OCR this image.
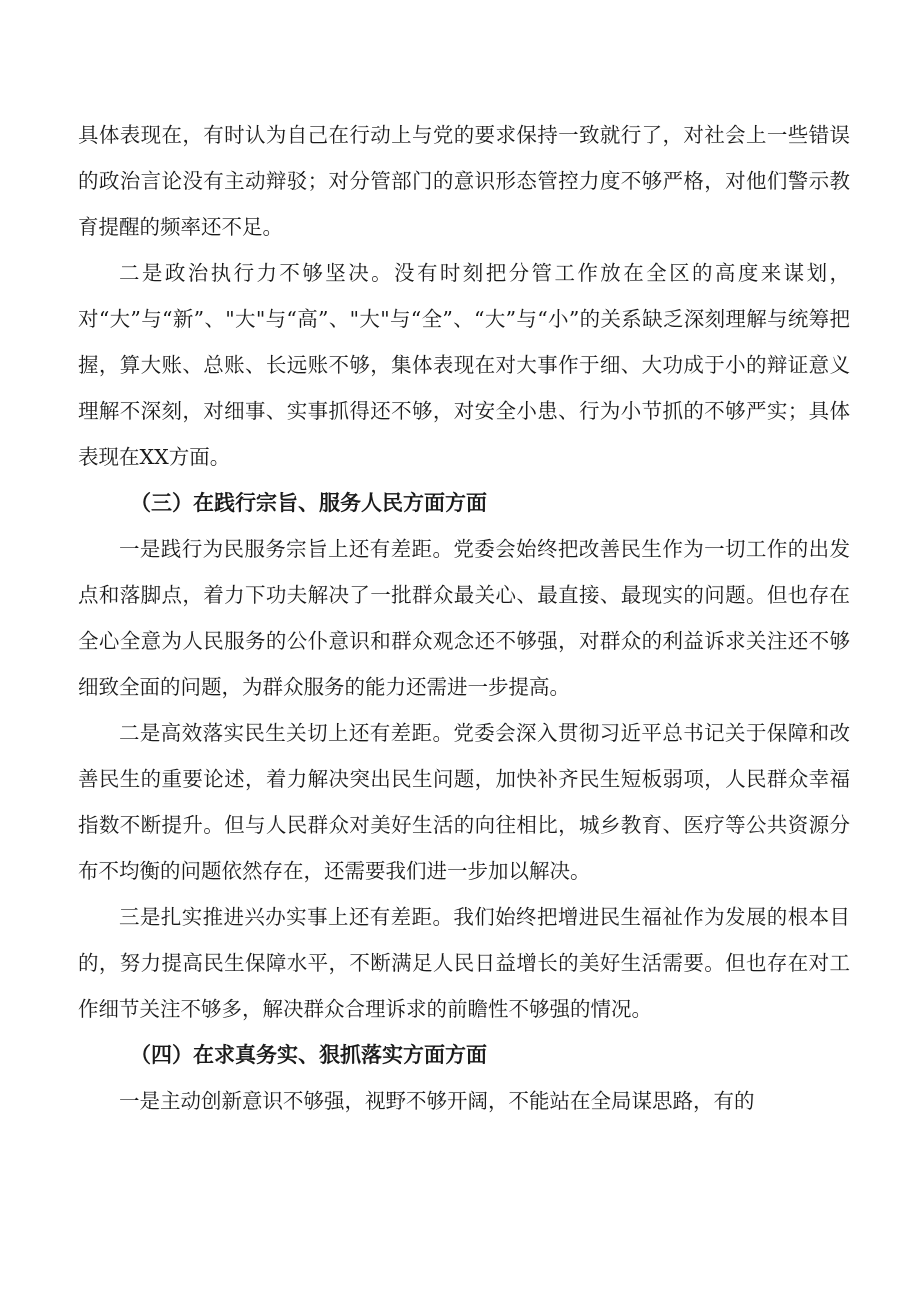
具体表现在，有时认为自己在行动上与党的要求保持一致就行了，对社会上一些错误的政治言论没有主动辩驳；对分管部门的意识形态管控力度不够严格，对他们警示教育提醒的频率还不足。

二是政治执行力不够坚决。没有时刻把分管工作放在全区的高度来谋划，对“大”与“新”、"大"与“高”、"大"与“全”、“大”与“小”的关系缺乏深刻理解与统筹把握，算大账、总账、长远账不够，集体表现在对大事作于细、大功成于小的辩证意义理解不深刻，对细事、实事抓得还不够，对安全小患、行为小节抓的不够严实；具体表现在XX方面。

（三）在践行宗旨、服务人民方面方面

一是践行为民服务宗旨上还有差距。党委会始终把改善民生作为一切工作的出发点和落脚点，着力下功夫解决了一批群众最关心、最直接、最现实的问题。但也存在全心全意为人民服务的公仆意识和群众观念还不够强，对群众的利益诉求关注还不够细致全面的问题，为群众服务的能力还需进一步提高。

二是高效落实民生关切上还有差距。党委会深入贯彻习近平总书记关于保障和改善民生的重要论述，着力解决突出民生问题，加快补齐民生短板弱项，人民群众幸福指数不断提升。但与人民群众对美好生活的向往相比，城乡教育、医疗等公共资源分布不均衡的问题依然存在，还需要我们进一步加以解决。

三是扎实推进兴办实事上还有差距。我们始终把增进民生福祉作为发展的根本目的，努力提高民生保障水平，不断满足人民日益增长的美好生活需要。但也存在对工作细节关注不够多，解决群众合理诉求的前瞻性不够强的情况。

（四）在求真务实、狠抓落实方面方面

一是主动创新意识不够强，视野不够开阔，不能站在全局谋思路，有的
